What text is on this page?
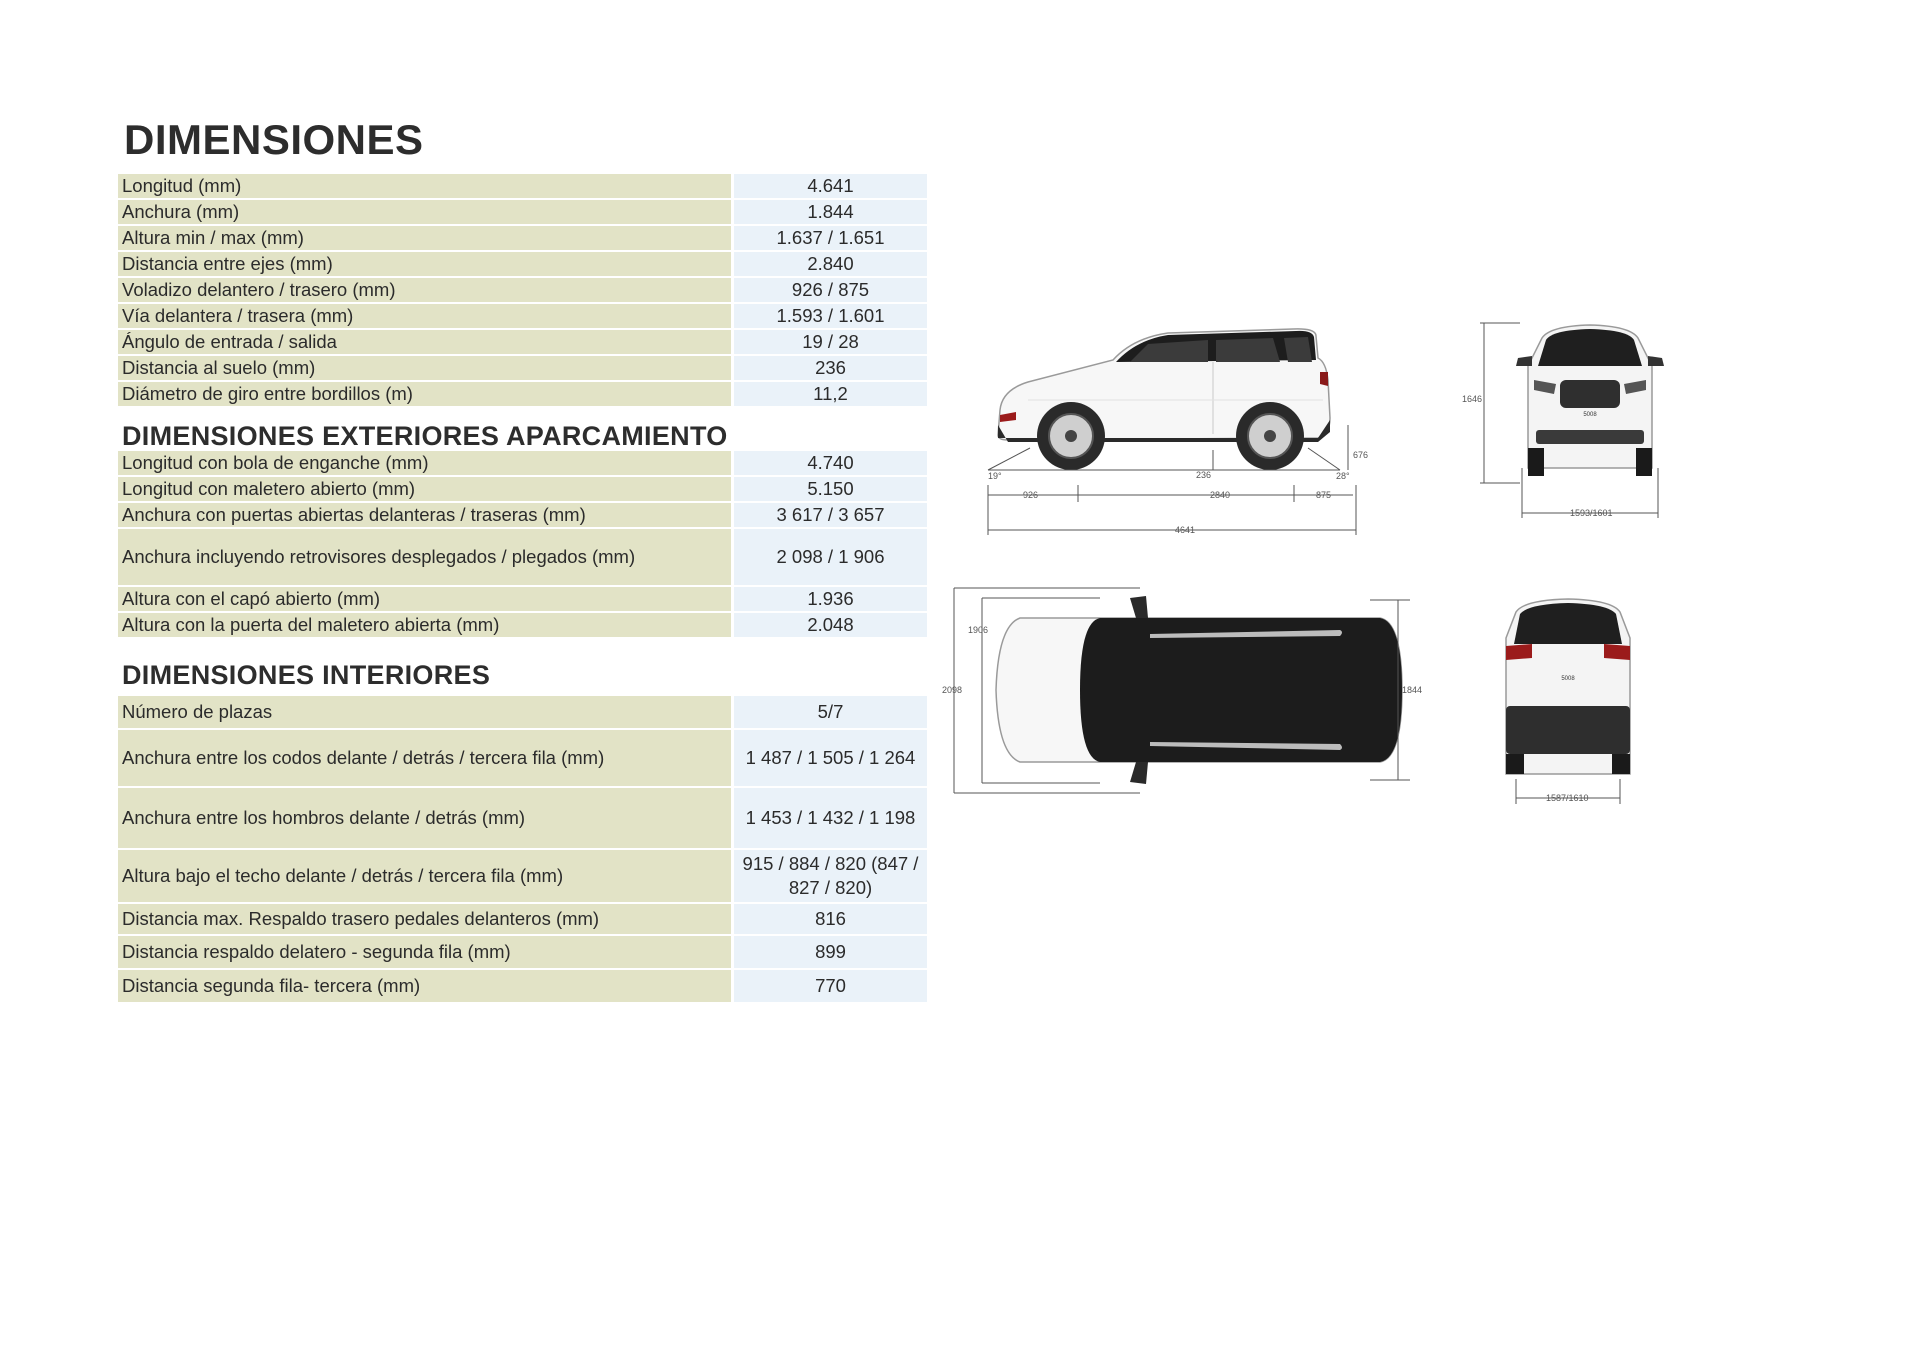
DIMENSIONES
Longitud (mm)		4.641
Anchura (mm)		1.844
Altura min / max (mm)		1.637 / 1.651
Distancia entre ejes (mm)		2.840
Voladizo delantero / trasero (mm)		926 / 875
Vía delantera / trasera (mm)		1.593 / 1.601
Ángulo de entrada / salida		19 / 28
Distancia al suelo (mm)		236
Diámetro de giro entre bordillos (m)		11,2
DIMENSIONES EXTERIORES APARCAMIENTO
Longitud con bola de enganche (mm)		4.740
Longitud con maletero abierto (mm)		5.150
Anchura con puertas abiertas delanteras / traseras (mm)		3 617 / 3 657
Anchura incluyendo retrovisores desplegados / plegados (mm)		2 098 / 1 906
Altura con el capó abierto (mm)		1.936
Altura con la puerta del maletero abierta (mm)		2.048
DIMENSIONES INTERIORES
Número de plazas		5/7
Anchura entre los codos delante / detrás / tercera fila (mm)		1 487 / 1 505 / 1 264
Anchura entre los hombros delante / detrás (mm)		1 453 / 1 432 / 1 198
Altura bajo el techo delante / detrás / tercera fila (mm)		915 / 884 / 820 (847 / 827 / 820)
Distancia max. Respaldo trasero pedales delanteros (mm)		816
Distancia respaldo delatero - segunda fila (mm)		899
Distancia segunda fila- tercera (mm)		770
19°	236	28°
676
926	2840	875
4641
1646
5008
1593/1601
2098
1906
1844
5008
1587/1610
